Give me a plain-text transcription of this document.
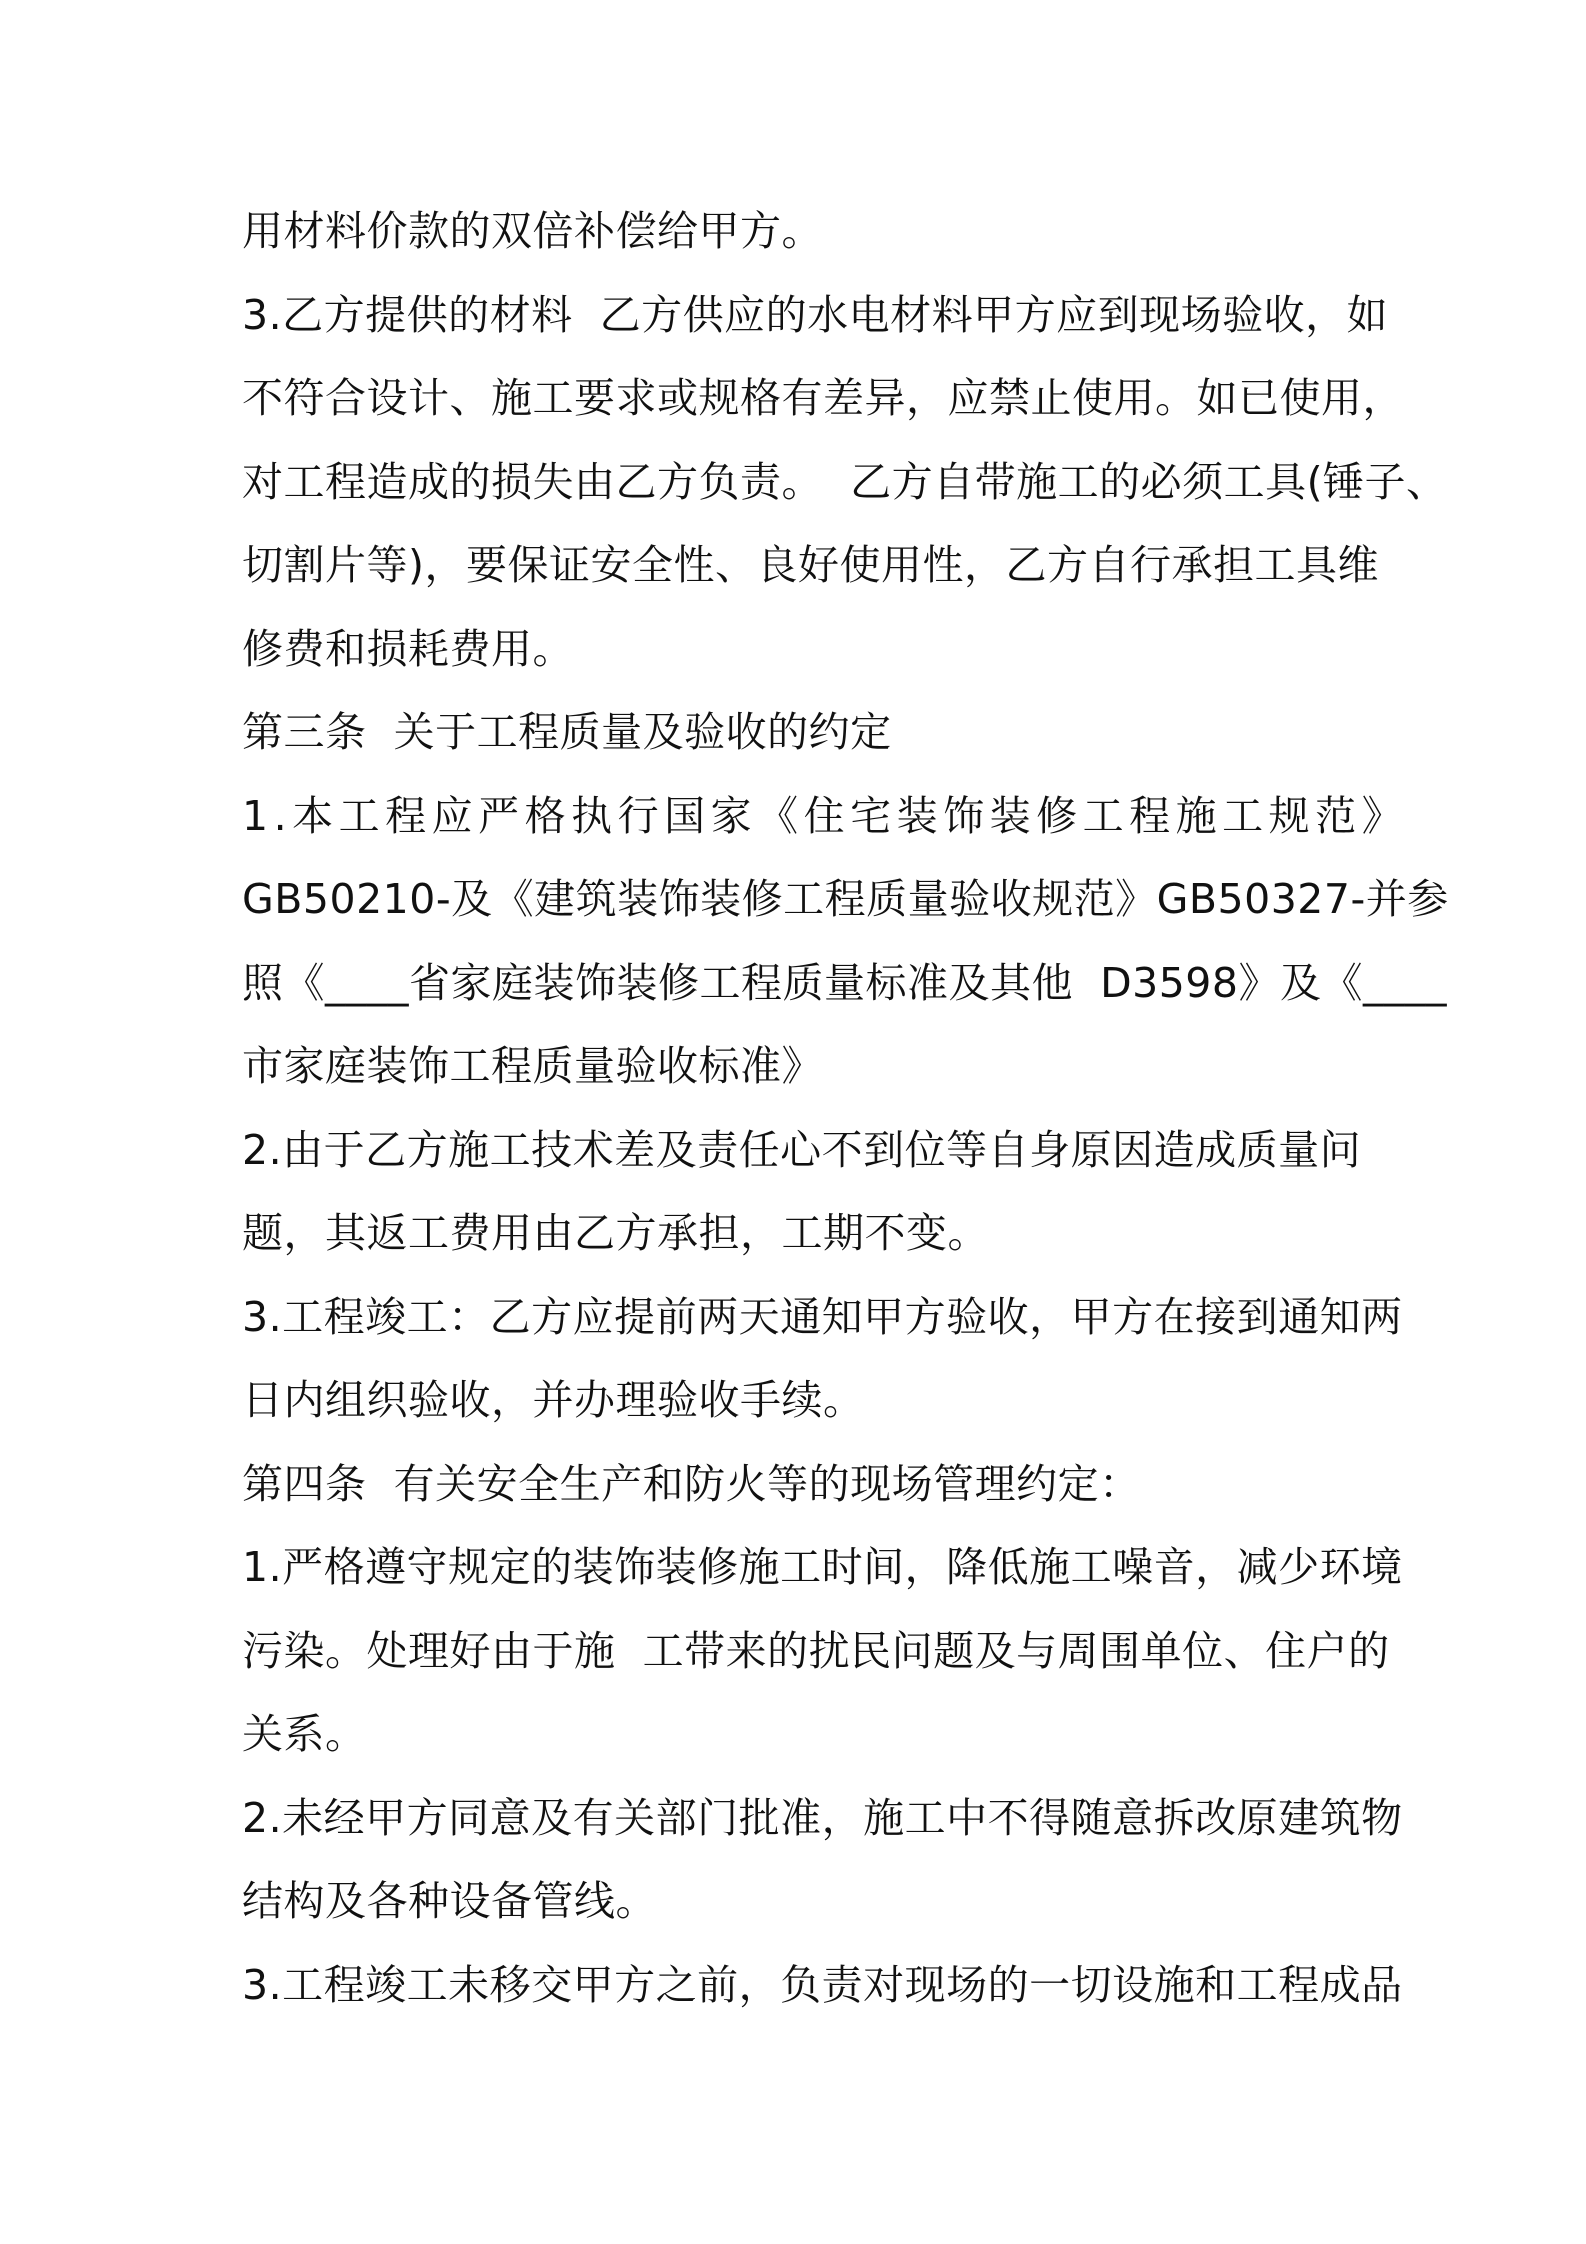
用材料价款的双倍补偿给甲方。
3.乙方提供的材料  乙方供应的水电材料甲方应到现场验收，如
不符合设计、施工要求或规格有差异，应禁止使用。如已使用，
对工程造成的损失由乙方负责。  乙方自带施工的必须工具(锤子、
切割片等)，要保证安全性、良好使用性，乙方自行承担工具维
修费和损耗费用。
第三条  关于工程质量及验收的约定
1.本工程应严格执行国家《住宅装饰装修工程施工规范》
GB50210-及《建筑装饰装修工程质量验收规范》GB50327-并参
照《____省家庭装饰装修工程质量标准及其他  D3598》及《____
市家庭装饰工程质量验收标准》
2.由于乙方施工技术差及责任心不到位等自身原因造成质量问
题，其返工费用由乙方承担，工期不变。
3.工程竣工：乙方应提前两天通知甲方验收，甲方在接到通知两
日内组织验收，并办理验收手续。
第四条  有关安全生产和防火等的现场管理约定：
1.严格遵守规定的装饰装修施工时间，降低施工噪音，减少环境
污染。处理好由于施  工带来的扰民问题及与周围单位、住户的
关系。
2.未经甲方同意及有关部门批准，施工中不得随意拆改原建筑物
结构及各种设备管线。
3.工程竣工未移交甲方之前，负责对现场的一切设施和工程成品
